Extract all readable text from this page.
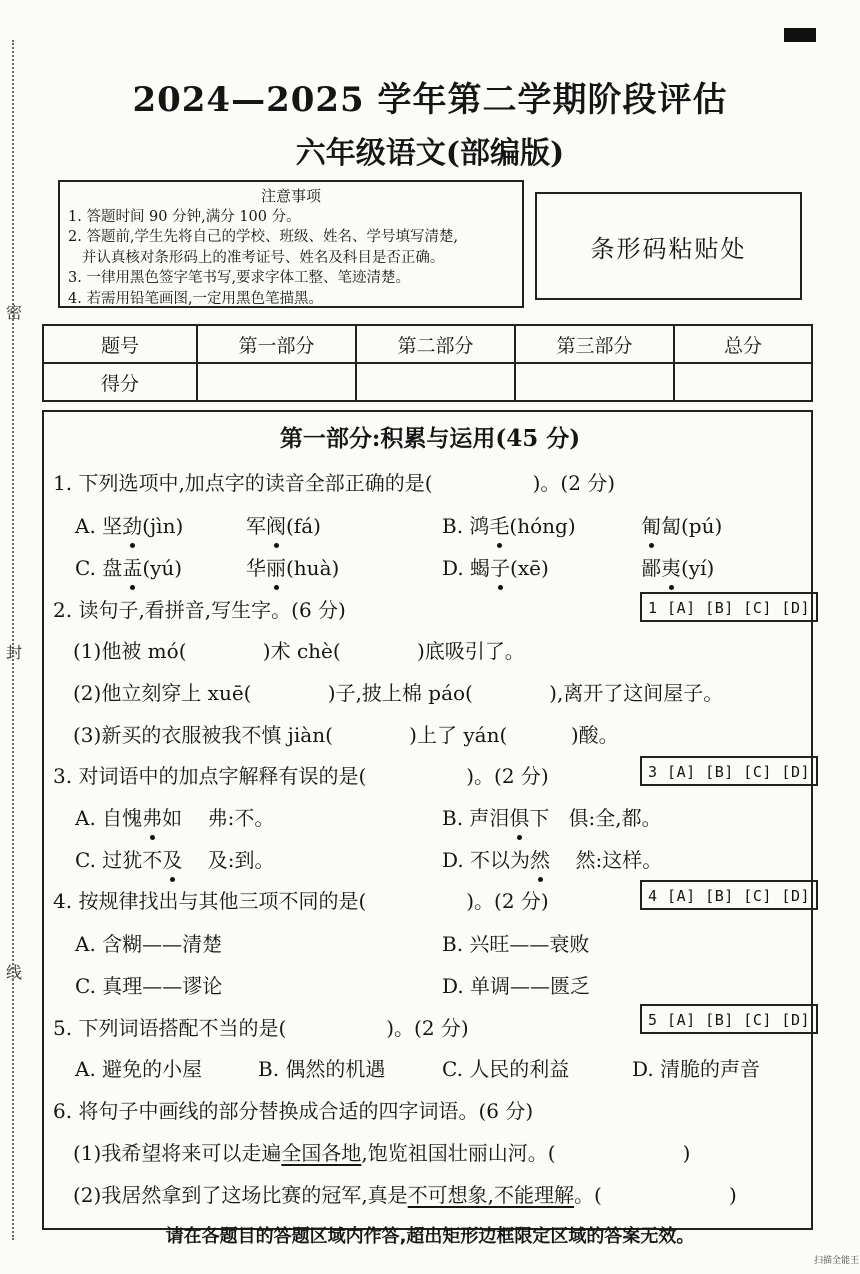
密
封
线
2024—2025 学年第二学期阶段评估
六年级语文(部编版)
注意事项
1. 答题时间 90 分钟,满分 100 分。
2. 答题前,学生先将自己的学校、班级、姓名、学号填写清楚,
并认真核对条形码上的准考证号、姓名及科目是否正确。
3. 一律用黑色签字笔书写,要求字体工整、笔迹清楚。
4. 若需用铅笔画图,一定用黑色笔描黑。
条形码粘贴处
题号	第一部分	第二部分	第三部分	总分
得分				
第一部分:积累与运用(45 分)
1. 下列选项中,加点字的读音全部正确的是(	)。(2 分)
A. 坚劲(jìn)	军阀(fá)	B. 鸿毛(hóng)	匍匐(pú)
C. 盘盂(yú)	华丽(huà)	D. 蝎子(xē)	鄙夷(yí)
2. 读句子,看拼音,写生字。(6 分)	1 [A] [B] [C] [D]
(1)他被 mó(            )术 chè(            )底吸引了。
(2)他立刻穿上 xuē(            )子,披上棉 páo(            ),离开了这间屋子。
(3)新买的衣服被我不慎 jiàn(            )上了 yán(          )酸。
3. 对词语中的加点字解释有误的是(	)。(2 分)	3 [A] [B] [C] [D]
A. 自愧弗如    弗:不。	B. 声泪俱下   俱:全,都。
C. 过犹不及    及:到。	D. 不以为然    然:这样。
4. 按规律找出与其他三项不同的是(	)。(2 分)	4 [A] [B] [C] [D]
A. 含糊——清楚	B. 兴旺——衰败
C. 真理——谬论	D. 单调——匮乏
5. 下列词语搭配不当的是(	)。(2 分)	5 [A] [B] [C] [D]
A. 避免的小屋	B. 偶然的机遇	C. 人民的利益	D. 清脆的声音
6. 将句子中画线的部分替换成合适的四字词语。(6 分)
(1)我希望将来可以走遍全国各地,饱览祖国壮丽山河。(                    )
(2)我居然拿到了这场比赛的冠军,真是不可想象,不能理解。(                    )
请在各题目的答题区域内作答,超出矩形边框限定区域的答案无效。
扫描全能王
